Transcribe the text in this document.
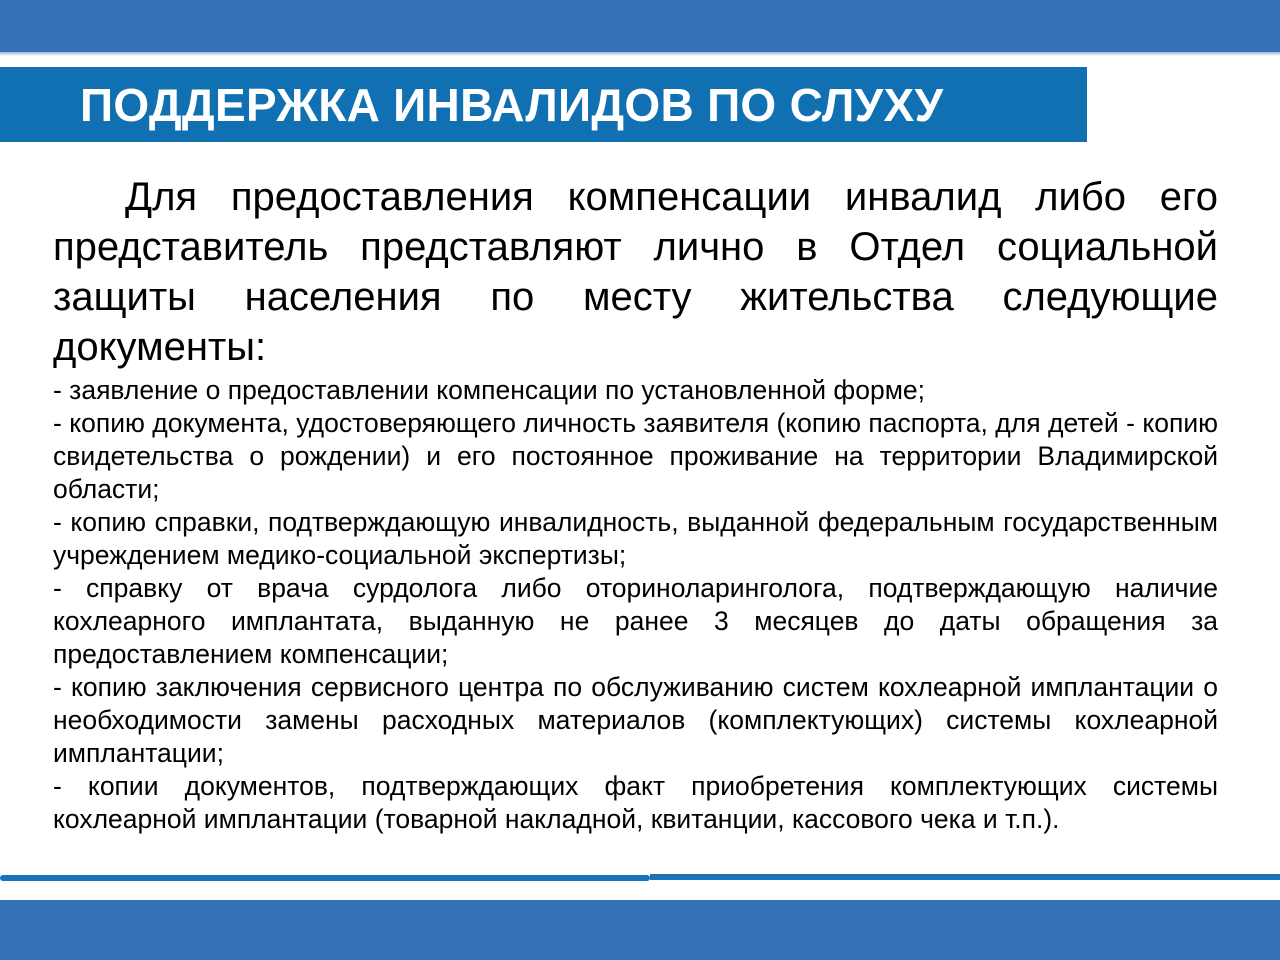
ПОДДЕРЖКА ИНВАЛИДОВ ПО СЛУХУ

Для предоставления компенсации инвалид либо его представитель представляют лично в Отдел социальной защиты населения по месту жительства следующие документы:

- заявление о предоставлении компенсации по установленной форме;
- копию документа, удостоверяющего личность заявителя (копию паспорта, для детей - копию свидетельства о рождении) и его постоянное проживание на территории Владимирской области;
- копию справки, подтверждающую инвалидность, выданной федеральным государственным учреждением медико-социальной экспертизы;
- справку от врача сурдолога либо оториноларинголога, подтверждающую наличие кохлеарного имплантата, выданную не ранее 3 месяцев до даты обращения за предоставлением компенсации;
- копию заключения сервисного центра по обслуживанию систем кохлеарной имплантации о необходимости замены расходных материалов (комплектующих) системы кохлеарной имплантации;
- копии документов, подтверждающих факт приобретения комплектующих системы кохлеарной имплантации (товарной накладной, квитанции, кассового чека и т.п.).
